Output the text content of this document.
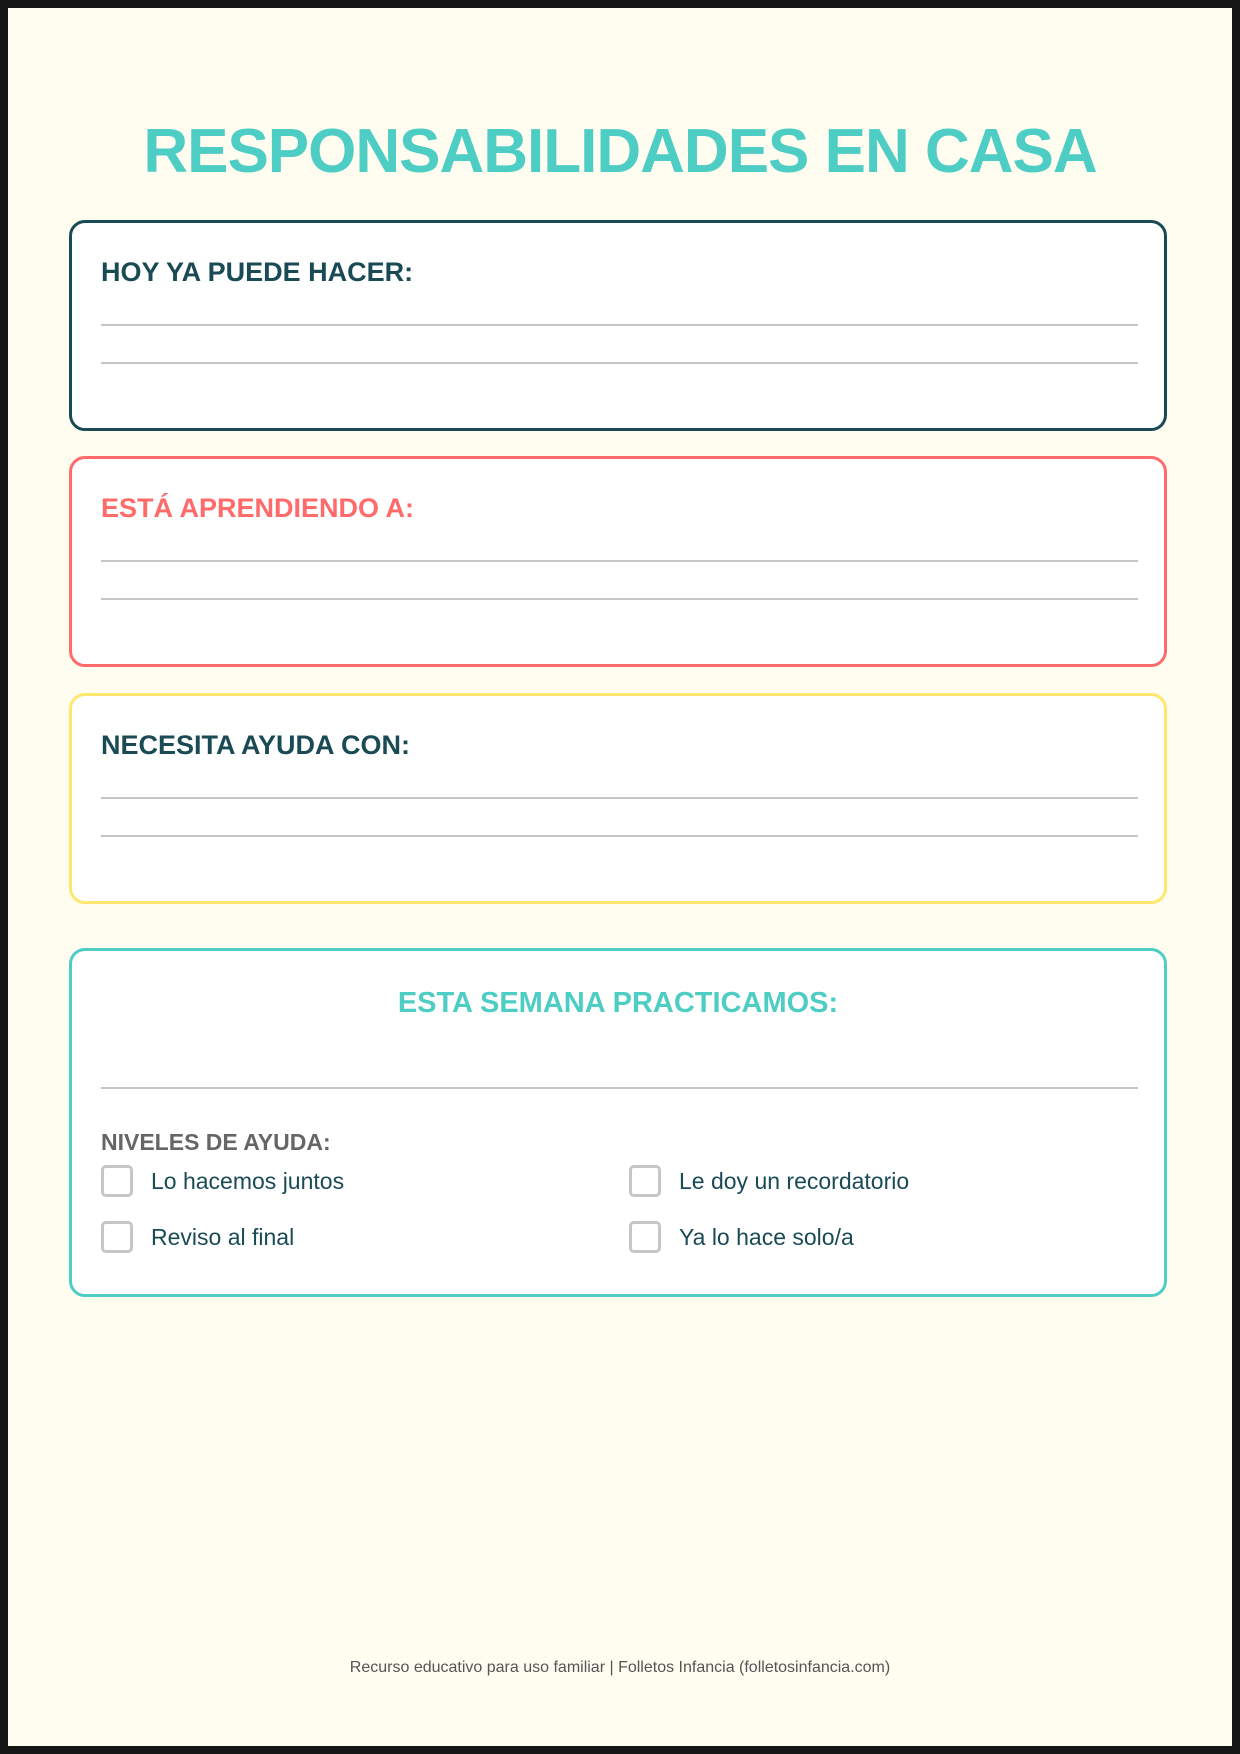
RESPONSABILIDADES EN CASA
HOY YA PUEDE HACER:
ESTÁ APRENDIENDO A:
NECESITA AYUDA CON:
ESTA SEMANA PRACTICAMOS:
NIVELES DE AYUDA:
Lo hacemos juntos	Le doy un recordatorio
Reviso al final	Ya lo hace solo/a
Recurso educativo para uso familiar | Folletos Infancia (folletosinfancia.com)
